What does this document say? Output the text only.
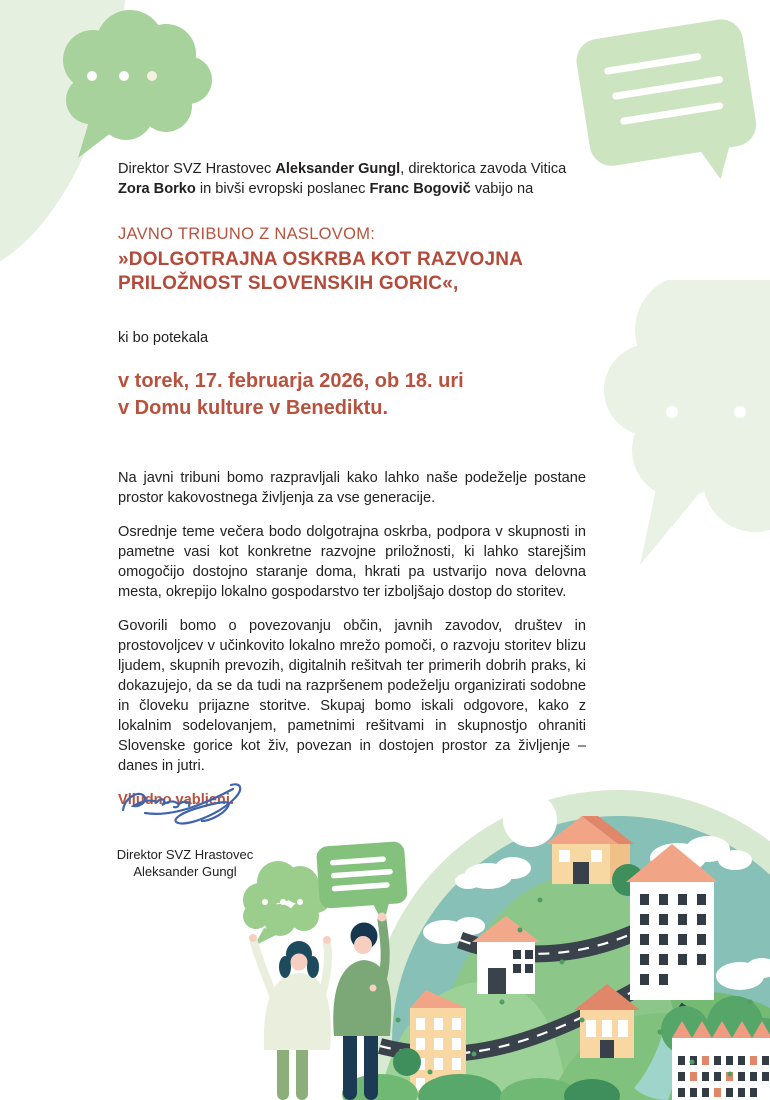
Direktor SVZ Hrastovec Aleksander Gungl, direktorica zavoda Vitica
Zora Borko in bivši evropski poslanec Franc Bogovič vabijo na

JAVNO TRIBUNO Z NASLOVOM:

»DOLGOTRAJNA OSKRBA KOT RAZVOJNA
PRILOŽNOST SLOVENSKIH GORIC«,

ki bo potekala

v torek, 17. februarja 2026, ob 18. uri
v Domu kulture v Benediktu.

Na javni tribuni bomo razpravljali kako lahko naše podeželje postane prostor kakovostnega življenja za vse generacije.

Osrednje teme večera bodo dolgotrajna oskrba, podpora v skupnosti in pametne vasi kot konkretne razvojne priložnosti, ki lahko starejšim omogočijo dostojno staranje doma, hkrati pa ustvarijo nova delovna mesta, okrepijo lokalno gospodarstvo ter izboljšajo dostop do storitev.

Govorili bomo o povezovanju občin, javnih zavodov, društev in prostovoljcev v učinkovito lokalno mrežo pomoči, o razvoju storitev blizu ljudem, skupnih prevozih, digitalnih rešitvah ter primerih dobrih praks, ki dokazujejo, da se da tudi na razpršenem podeželju organizirati sodobne in človeku prijazne storitve. Skupaj bomo iskali odgovore, kako z lokalnim sodelovanjem, pametnimi rešitvami in skupnostjo ohraniti Slovenske gorice kot živ, povezan in dostojen prostor za življenje – danes in jutri.

Vljudno vabljeni.

Direktor SVZ Hrastovec
Aleksander Gungl
